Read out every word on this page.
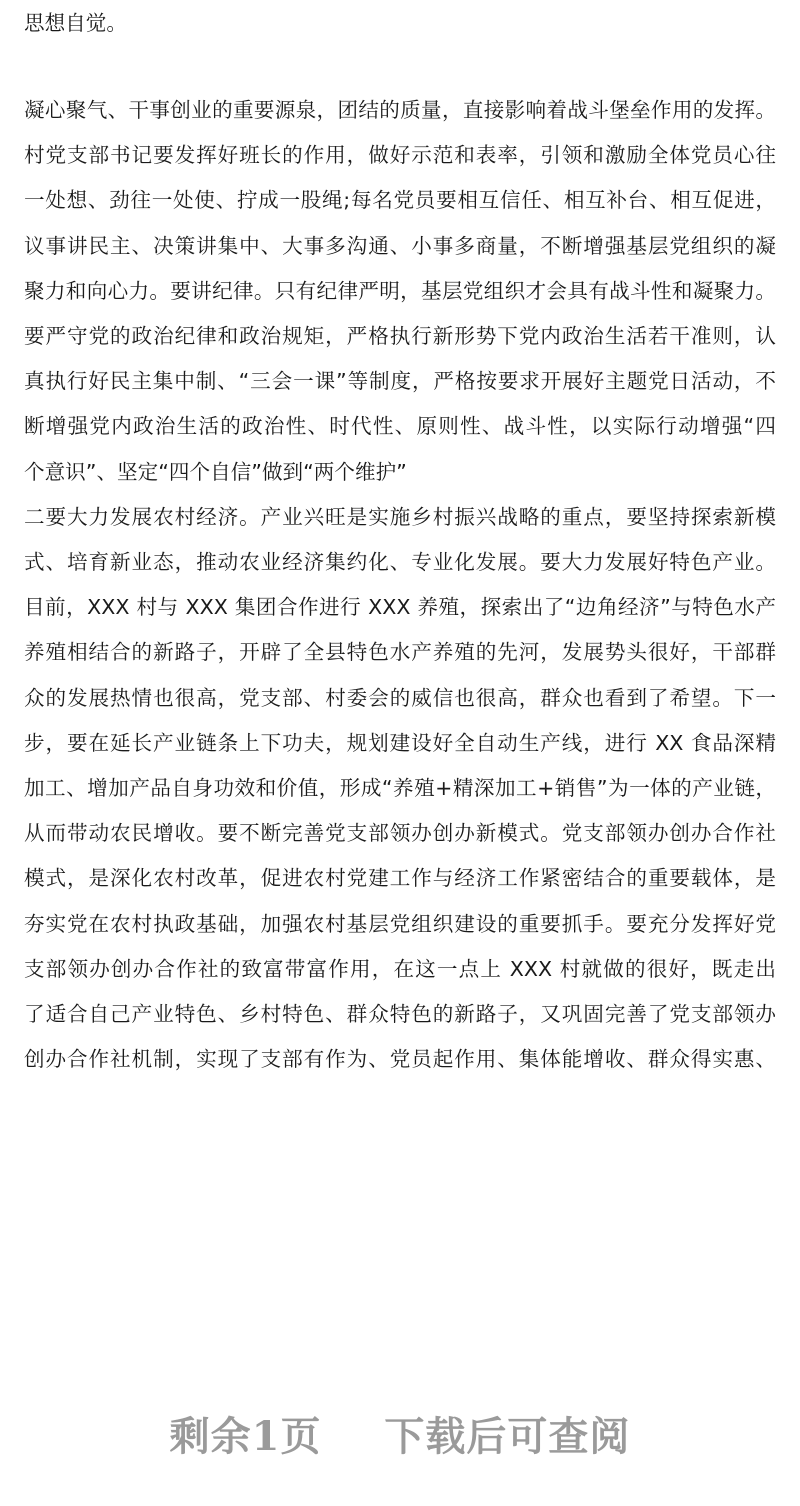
思想自觉。
凝心聚气、干事创业的重要源泉，团结的质量，直接影响着战斗堡垒作用的发挥。
村党支部书记要发挥好班长的作用，做好示范和表率，引领和激励全体党员心往
一处想、劲往一处使、拧成一股绳;每名党员要相互信任、相互补台、相互促进，
议事讲民主、决策讲集中、大事多沟通、小事多商量，不断增强基层党组织的凝
聚力和向心力。要讲纪律。只有纪律严明，基层党组织才会具有战斗性和凝聚力。
要严守党的政治纪律和政治规矩，严格执行新形势下党内政治生活若干准则，认
真执行好民主集中制、“三会一课”等制度，严格按要求开展好主题党日活动，不
断增强党内政治生活的政治性、时代性、原则性、战斗性，以实际行动增强“四
个意识”、坚定“四个自信”做到“两个维护”
二要大力发展农村经济。产业兴旺是实施乡村振兴战略的重点，要坚持探索新模
式、培育新业态，推动农业经济集约化、专业化发展。要大力发展好特色产业。
目前，XXX 村与 XXX 集团合作进行 XXX 养殖，探索出了“边角经济”与特色水产
养殖相结合的新路子，开辟了全县特色水产养殖的先河，发展势头很好，干部群
众的发展热情也很高，党支部、村委会的威信也很高，群众也看到了希望。下一
步，要在延长产业链条上下功夫，规划建设好全自动生产线，进行 XX 食品深精
加工、增加产品自身功效和价值，形成“养殖+精深加工+销售”为一体的产业链，
从而带动农民增收。要不断完善党支部领办创办新模式。党支部领办创办合作社
模式，是深化农村改革，促进农村党建工作与经济工作紧密结合的重要载体，是
夯实党在农村执政基础，加强农村基层党组织建设的重要抓手。要充分发挥好党
支部领办创办合作社的致富带富作用，在这一点上 XXX 村就做的很好，既走出
了适合自己产业特色、乡村特色、群众特色的新路子，又巩固完善了党支部领办
创办合作社机制，实现了支部有作为、党员起作用、集体能增收、群众得实惠、
剩余1页 下载后可查阅
